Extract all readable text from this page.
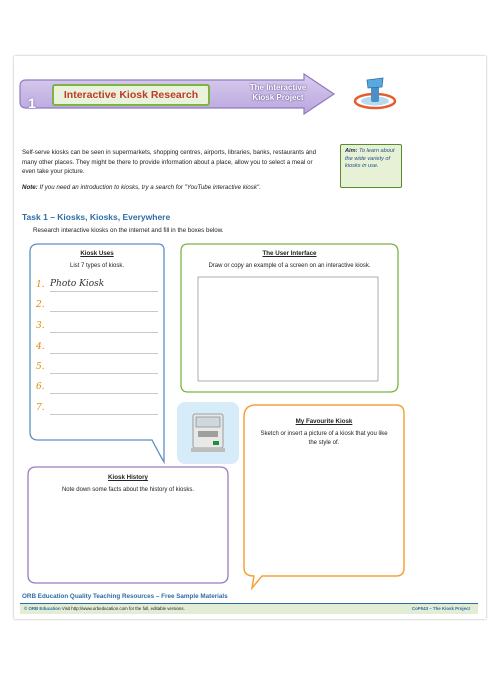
1	Interactive Kiosk Research
The Interactive
Kiosk Project
Self-serve kiosks can be seen in supermarkets, shopping centres, airports, libraries, banks, restaurants and many other places. They might be there to provide information about a place, allow you to select a meal or even take your picture.
Note: If you need an introduction to kiosks, try a search for "YouTube interactive kiosk".
Aim: To learn about the wide variety of kiosks in use.
Task 1 – Kiosks, Kiosks, Everywhere
Research interactive kiosks on the internet and fill in the boxes below.
Kiosk Uses
List 7 types of kiosk.
1. Photo Kiosk
2.
3.
4.
5.
6.
7.
The User Interface
Draw or copy an example of a screen on an interactive kiosk.
My Favourite Kiosk
Sketch or insert a picture of a kiosk that you like the style of.
Kiosk History
Note down some facts about the history of kiosks.
ORB Education Quality Teaching Resources – Free Sample Materials
© ORB Education Visit http://www.orbeducation.com for the full, editable versions.	CoP043 – The Kiosk Project
